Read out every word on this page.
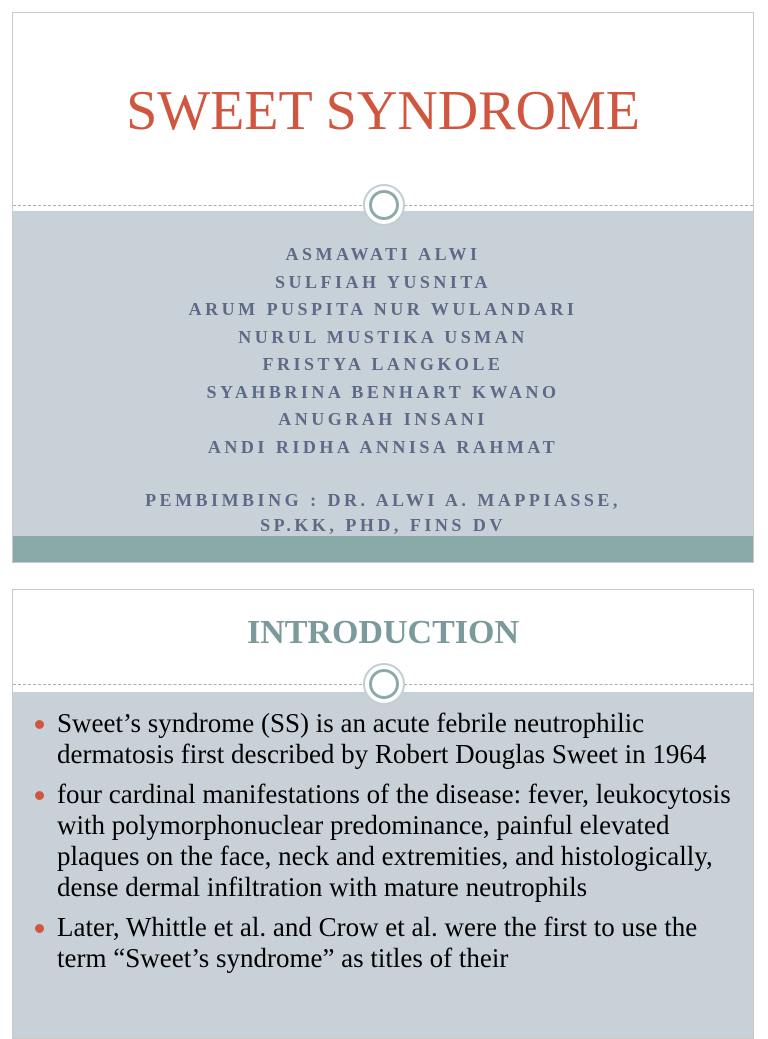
SWEET SYNDROME
ASMAWATI ALWI
SULFIAH YUSNITA
ARUM PUSPITA NUR WULANDARI
NURUL MUSTIKA USMAN
FRISTYA LANGKOLE
SYAHBRINA BENHART KWANO
ANUGRAH INSANI
ANDI RIDHA ANNISA RAHMAT
PEMBIMBING : DR. ALWI A. MAPPIASSE,
SP.KK, PHD, FINS DV
INTRODUCTION
Sweet’s syndrome (SS) is an acute febrile neutrophilic dermatosis first described by Robert Douglas Sweet in 1964
four cardinal manifestations of the disease: fever, leukocytosis with polymorphonuclear predominance, painful elevated plaques on the face, neck and extremities, and histologically, dense dermal infiltration with mature neutrophils
Later, Whittle et al. and Crow et al. were the first to use the term “Sweet’s syndrome” as titles of their
